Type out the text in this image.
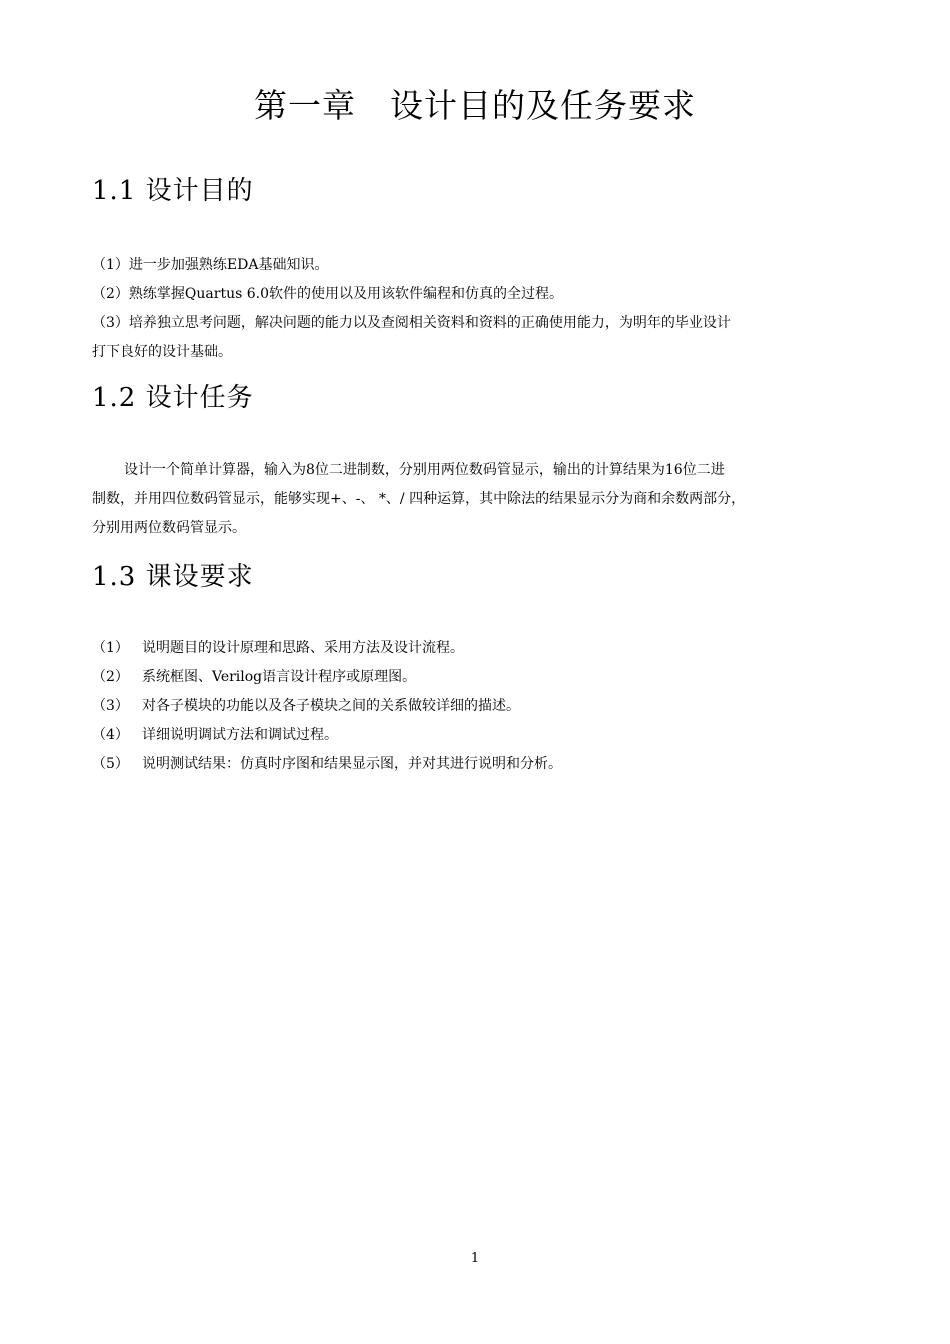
第一章　设计目的及任务要求
1.1 设计目的
（1）进一步加强熟练EDA基础知识。
（2）熟练掌握Quartus 6.0软件的使用以及用该软件编程和仿真的全过程。
（3）培养独立思考问题，解决问题的能力以及查阅相关资料和资料的正确使用能力，为明年的毕业设计
打下良好的设计基础。
1.2 设计任务
设计一个简单计算器，输入为8位二进制数，分别用两位数码管显示，输出的计算结果为16位二进
制数，并用四位数码管显示，能够实现+、-、 *、/ 四种运算，其中除法的结果显示分为商和余数两部分，
分别用两位数码管显示。
1.3 课设要求
（1） 说明题目的设计原理和思路、采用方法及设计流程。
（2） 系统框图、Verilog语言设计程序或原理图。
（3） 对各子模块的功能以及各子模块之间的关系做较详细的描述。
（4） 详细说明调试方法和调试过程。
（5） 说明测试结果：仿真时序图和结果显示图，并对其进行说明和分析。
1
